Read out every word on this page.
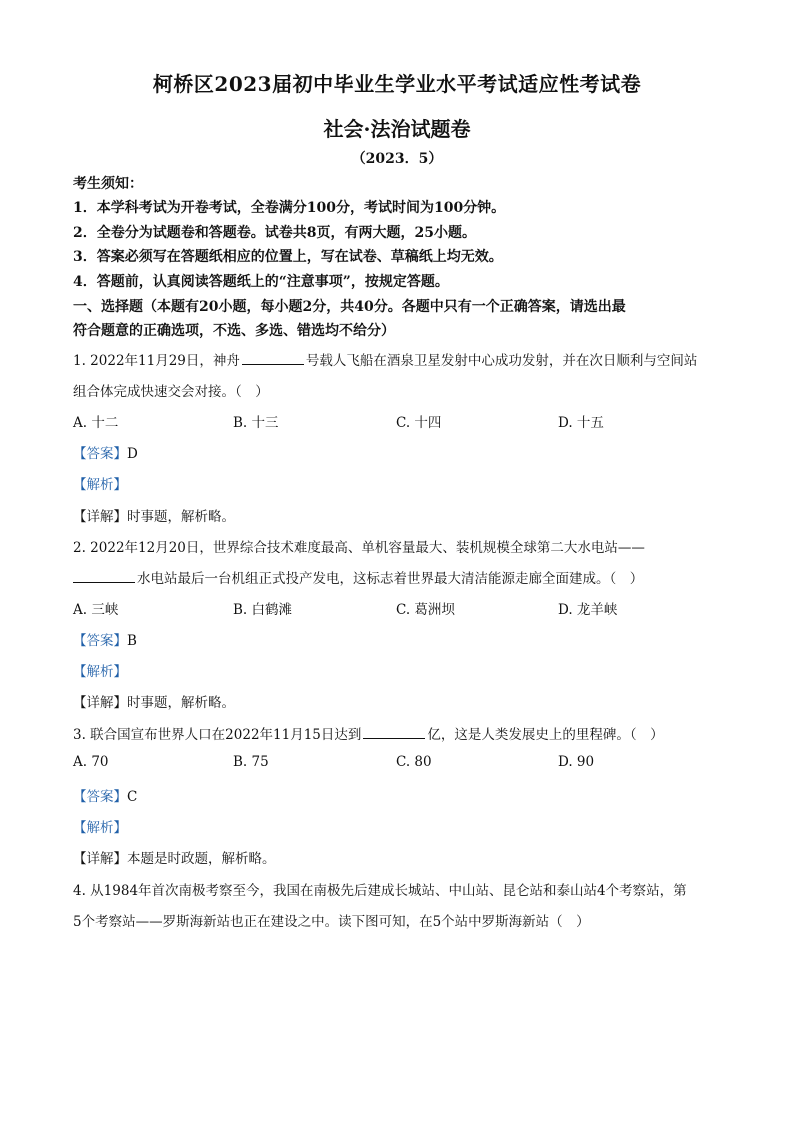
柯桥区2023届初中毕业生学业水平考试适应性考试卷
社会·法治试题卷
（2023．5）
考生须知：
1．本学科考试为开卷考试，全卷满分100分，考试时间为100分钟。
2．全卷分为试题卷和答题卷。试卷共8页，有两大题，25小题。
3．答案必须写在答题纸相应的位置上，写在试卷、草稿纸上均无效。
4．答题前，认真阅读答题纸上的“注意事项”，按规定答题。
一、选择题（本题有20小题，每小题2分，共40分。各题中只有一个正确答案，请选出最
符合题意的正确选项，不选、多选、错选均不给分）
1. 2022年11月29日，神舟	号载人飞船在酒泉卫星发射中心成功发射，并在次日顺利与空间站
组合体完成快速交会对接。（　）
A. 十二	B. 十三	C. 十四	D. 十五
【答案】D
【解析】
【详解】时事题，解析略。
2. 2022年12月20日，世界综合技术难度最高、单机容量最大、装机规模全球第二大水电站——
水电站最后一台机组正式投产发电，这标志着世界最大清洁能源走廊全面建成。（　）
A. 三峡	B. 白鹤滩	C. 葛洲坝	D. 龙羊峡
【答案】B
【解析】
【详解】时事题，解析略。
3. 联合国宣布世界人口在2022年11月15日达到	亿，这是人类发展史上的里程碑。（　）
A. 70	B. 75	C. 80	D. 90
【答案】C
【解析】
【详解】本题是时政题，解析略。
4. 从1984年首次南极考察至今，我国在南极先后建成长城站、中山站、昆仑站和泰山站4个考察站，第
5个考察站——罗斯海新站也正在建设之中。读下图可知，在5个站中罗斯海新站（　）
